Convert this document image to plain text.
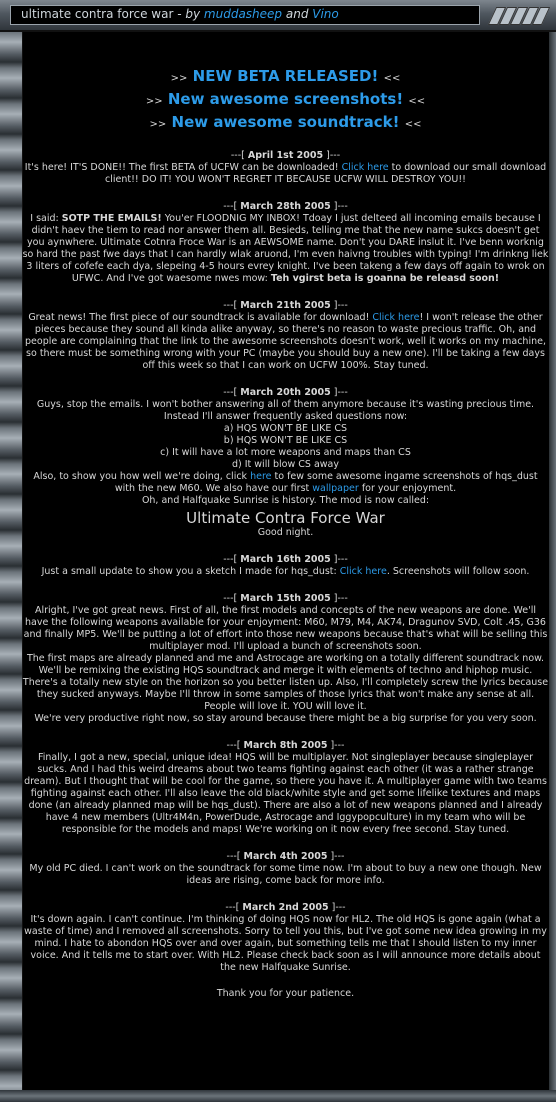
ultimate contra force war - by muddasheep and Vino
>> NEW BETA RELEASED! <<
>> New awesome screenshots! <<
>> New awesome soundtrack! <<
---[ April 1st 2005 ]---

It's here! IT'S DONE!! The first BETA of UCFW can be downloaded! Click here to download our small download client!! DO IT! YOU WON'T REGRET IT BECAUSE UCFW WILL DESTROY YOU!!

---[ March 28th 2005 ]---

I said: SOTP THE EMAILS! You'er FLOODNIG MY INBOX! Tdoay I just delteed all incoming emails because I didn't haev the tiem to read nor answer them all. Besieds, telling me that the new name sukcs doesn't get you aynwhere. Ultimate Cotnra Froce War is an AEWSOME name. Don't you DARE inslut it. I've benn worknig so hard the past fwe days that I can hardly wlak aruond, I'm even haivng troubles with typing! I'm drinkng liek 3 liters of cofefe each dya, slepeing 4-5 hours evrey knight. I've been takeng a few days off again to wrok on UFWC. And I've got waesome nwes mow: Teh vgirst beta is goanna be releasd soon!

---[ March 21th 2005 ]---

Great news! The first piece of our soundtrack is available for download! Click here! I won't release the other pieces because they sound all kinda alike anyway, so there's no reason to waste precious traffic. Oh, and people are complaining that the link to the awesome screenshots doesn't work, well it works on my machine, so there must be something wrong with your PC (maybe you should buy a new one). I'll be taking a few days off this week so that I can work on UCFW 100%. Stay tuned.

---[ March 20th 2005 ]---

Guys, stop the emails. I won't bother answering all of them anymore because it's wasting precious time. Instead I'll answer frequently asked questions now:

a) HQS WON'T BE LIKE CS
b) HQS WON'T BE LIKE CS
c) It will have a lot more weapons and maps than CS
d) It will blow CS away

Also, to show you how well we're doing, click here to few some awesome ingame screenshots of hqs_dust with the new M60. We also have our first wallpaper for your enjoyment.

Oh, and Halfquake Sunrise is history. The mod is now called:
Ultimate Contra Force War
Good night.
---[ March 16th 2005 ]---

Just a small update to show you a sketch I made for hqs_dust: Click here. Screenshots will follow soon.

---[ March 15th 2005 ]---

Alright, I've got great news. First of all, the first models and concepts of the new weapons are done. We'll have the following weapons available for your enjoyment: M60, M79, M4, AK74, Dragunov SVD, Colt .45, G36 and finally MP5. We'll be putting a lot of effort into those new weapons because that's what will be selling this multiplayer mod. I'll upload a bunch of screenshots soon.

The first maps are already planned and me and Astrocage are working on a totally different soundtrack now. We'll be remixing the existing HQS soundtrack and merge it with elements of techno and hiphop music. There's a totally new style on the horizon so you better listen up. Also, I'll completely screw the lyrics because they sucked anyways. Maybe I'll throw in some samples of those lyrics that won't make any sense at all. People will love it. YOU will love it.

We're very productive right now, so stay around because there might be a big surprise for you very soon.

---[ March 8th 2005 ]---

Finally, I got a new, special, unique idea! HQS will be multiplayer. Not singleplayer because singleplayer sucks. And I had this weird dreams about two teams fighting against each other (it was a rather strange dream). But I thought that will be cool for the game, so there you have it. A multiplayer game with two teams fighting against each other. I'll also leave the old black/white style and get some lifelike textures and maps done (an already planned map will be hqs_dust). There are also a lot of new weapons planned and I already have 4 new members (Ultr4M4n, PowerDude, Astrocage and Iggypopculture) in my team who will be responsible for the models and maps! We're working on it now every free second. Stay tuned.

---[ March 4th 2005 ]---

My old PC died. I can't work on the soundtrack for some time now. I'm about to buy a new one though. New ideas are rising, come back for more info.

---[ March 2nd 2005 ]---

It's down again. I can't continue. I'm thinking of doing HQS now for HL2. The old HQS is gone again (what a waste of time) and I removed all screenshots. Sorry to tell you this, but I've got some new idea growing in my mind. I hate to abondon HQS over and over again, but something tells me that I should listen to my inner voice. And it tells me to start over. With HL2. Please check back soon as I will announce more details about the new Halfquake Sunrise.

Thank you for your patience.
